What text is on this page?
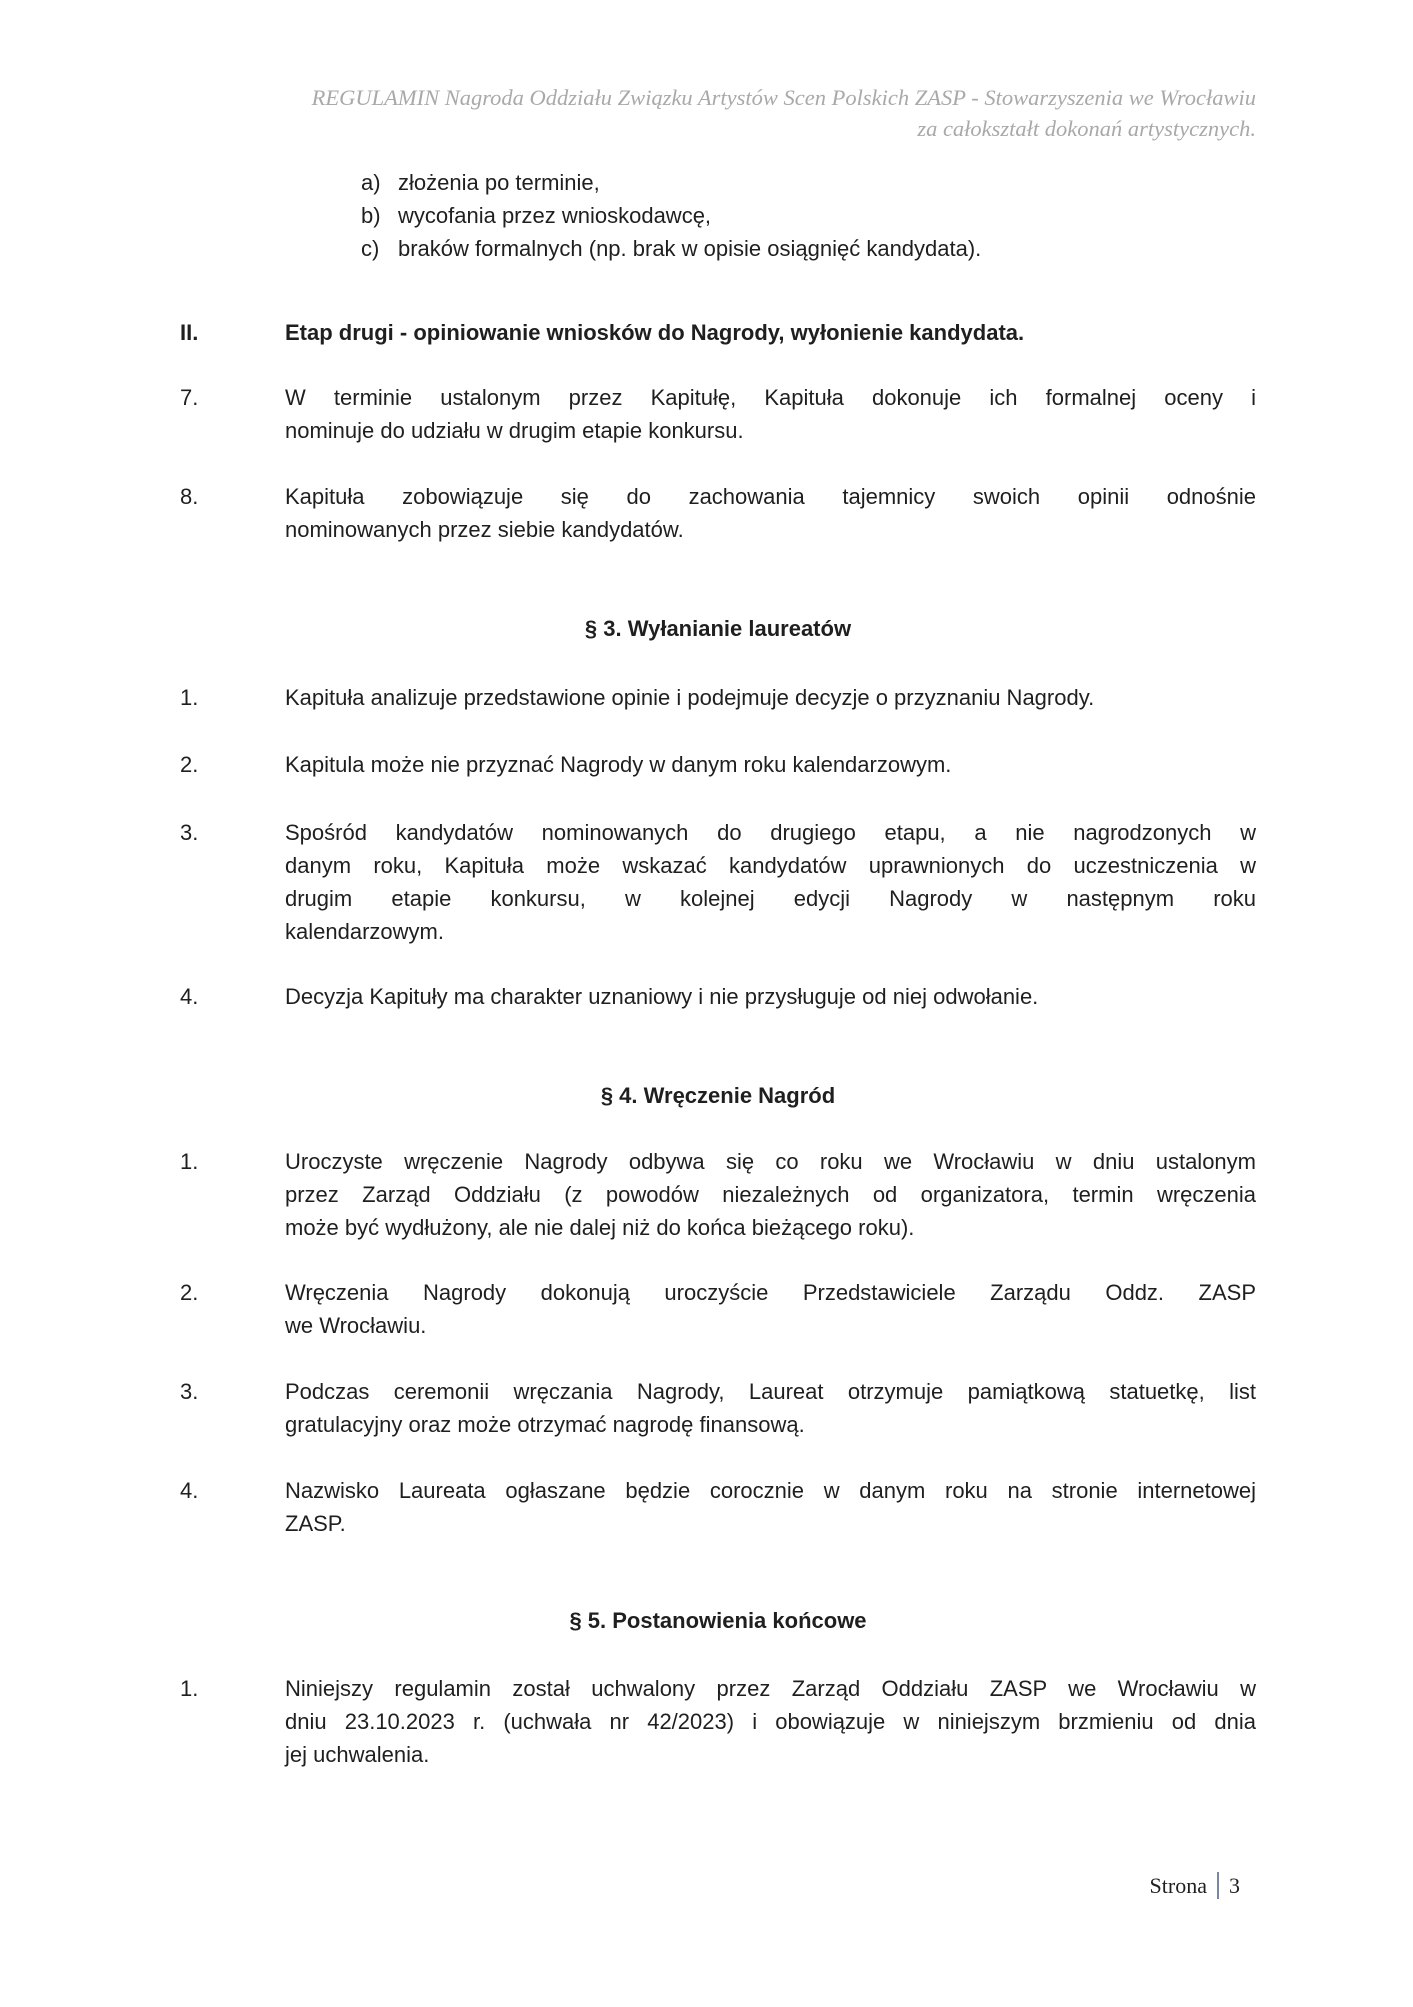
REGULAMIN Nagroda Oddziału Związku Artystów Scen Polskich ZASP - Stowarzyszenia we Wrocławiu
za całokształt dokonań artystycznych.
a) złożenia po terminie,
b) wycofania przez wnioskodawcę,
c) braków formalnych (np. brak w opisie osiągnięć kandydata).
II.	Etap drugi - opiniowanie wniosków do Nagrody, wyłonienie kandydata.
7.	W terminie ustalonym przez Kapitułę, Kapituła dokonuje ich formalnej oceny i
nominuje do udziału w drugim etapie konkursu.
8.	Kapituła zobowiązuje się do zachowania tajemnicy swoich opinii odnośnie
nominowanych przez siebie kandydatów.
§ 3. Wyłanianie laureatów
1.	Kapituła analizuje przedstawione opinie i podejmuje decyzje o przyznaniu Nagrody.
2.	Kapitula może nie przyznać Nagrody w danym roku kalendarzowym.
3.	Spośród kandydatów nominowanych do drugiego etapu, a nie nagrodzonych w
danym roku, Kapituła może wskazać kandydatów uprawnionych do uczestniczenia w
drugim etapie konkursu, w kolejnej edycji Nagrody w następnym roku
kalendarzowym.
4.	Decyzja Kapituły ma charakter uznaniowy i nie przysługuje od niej odwołanie.
§ 4. Wręczenie Nagród
1.	Uroczyste wręczenie Nagrody odbywa się co roku we Wrocławiu w dniu ustalonym
przez Zarząd Oddziału (z powodów niezależnych od organizatora, termin wręczenia
może być wydłużony, ale nie dalej niż do końca bieżącego roku).
2.	Wręczenia Nagrody dokonują uroczyście Przedstawiciele Zarządu Oddz. ZASP
we Wrocławiu.
3.	Podczas ceremonii wręczania Nagrody, Laureat otrzymuje pamiątkową statuetkę, list
gratulacyjny oraz może otrzymać nagrodę finansową.
4.	Nazwisko Laureata ogłaszane będzie corocznie w danym roku na stronie internetowej
ZASP.
§ 5. Postanowienia końcowe
1.	Niniejszy regulamin został uchwalony przez Zarząd Oddziału ZASP we Wrocławiu w
dniu 23.10.2023 r. (uchwała nr 42/2023) i obowiązuje w niniejszym brzmieniu od dnia
jej uchwalenia.
Strona 3
